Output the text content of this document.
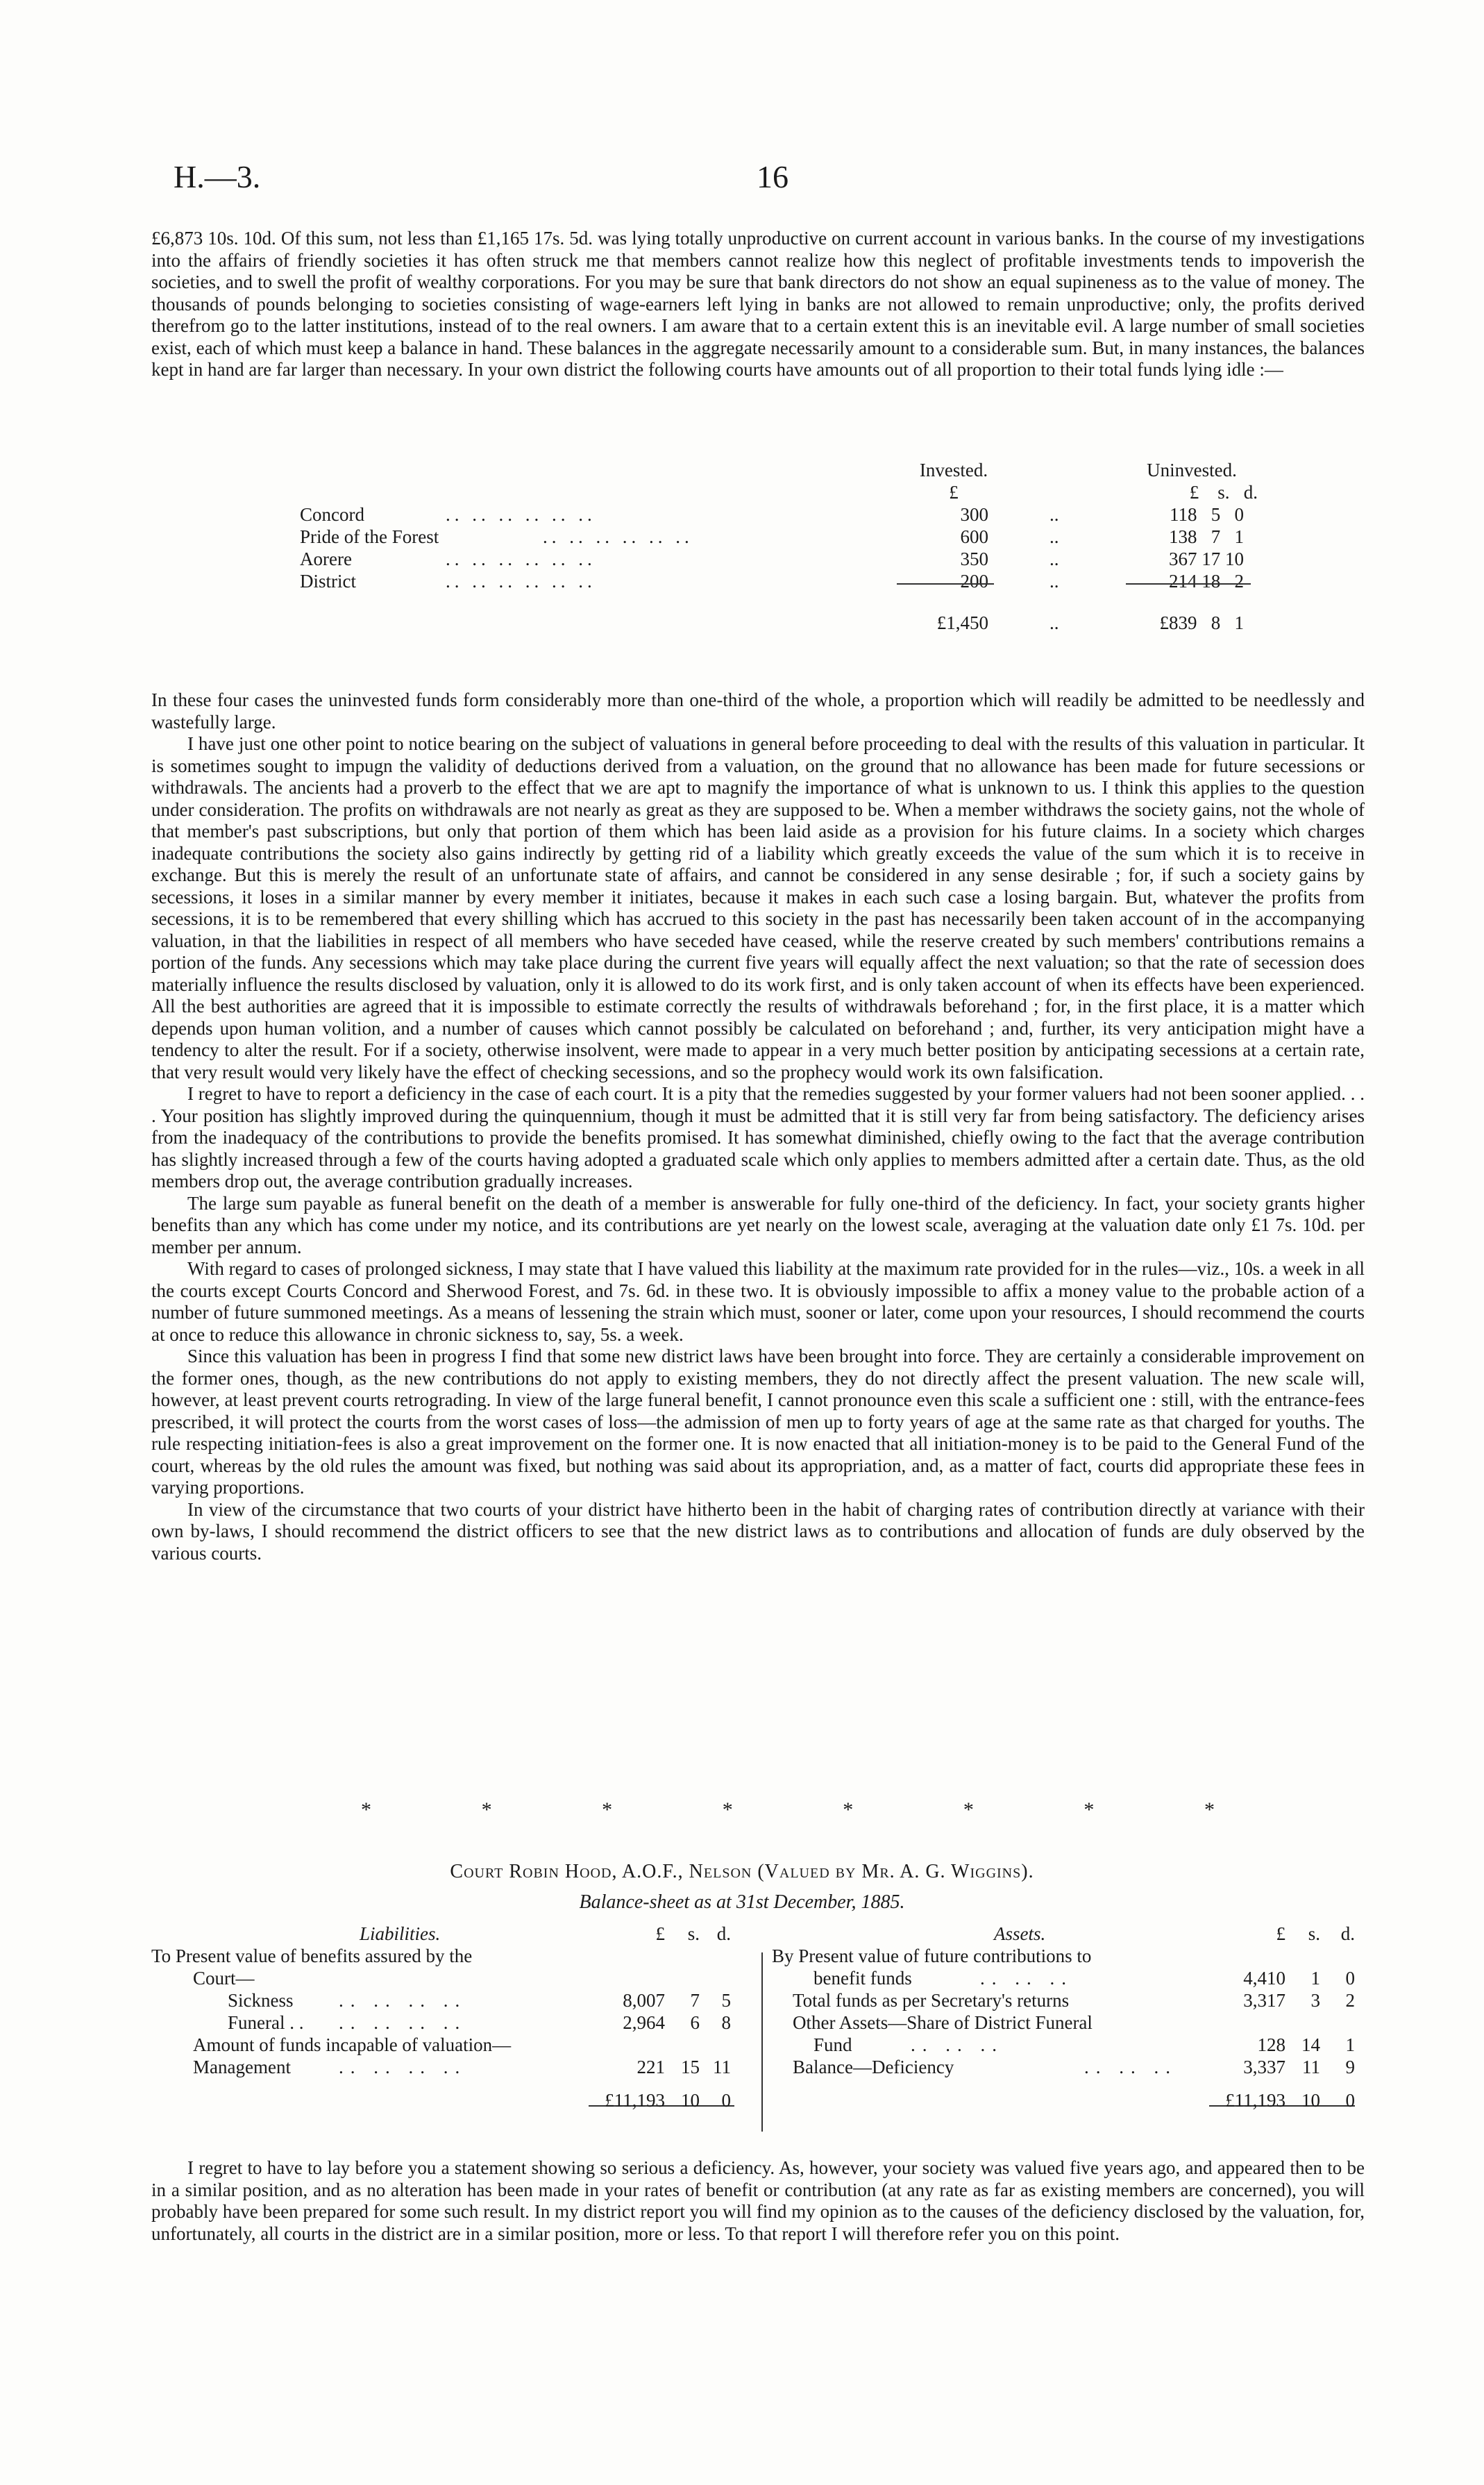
H.—3.	16

£6,873 10s. 10d. Of this sum, not less than £1,165 17s. 5d. was lying totally unproductive on current account in various banks. In the course of my investigations into the affairs of friendly societies it has often struck me that members cannot realize how this neglect of profitable investments tends to impoverish the societies, and to swell the profit of wealthy corporations. For you may be sure that bank directors do not show an equal supineness as to the value of money. The thousands of pounds belonging to societies consisting of wage-earners left lying in banks are not allowed to remain unproductive; only, the profits derived therefrom go to the latter institutions, instead of to the real owners. I am aware that to a certain extent this is an inevitable evil. A large number of small societies exist, each of which must keep a balance in hand. These balances in the aggregate necessarily amount to a considerable sum. But, in many instances, the balances kept in hand are far larger than necessary. In your own district the following courts have amounts out of all proportion to their total funds lying idle :—

Invested.	Uninvested.
£	£    s.   d.
Concord	.. .. .. .. .. ..	300	..	118   5   0
Pride of the Forest	.. .. .. .. .. ..	600	..	138   7   1
Aorere	.. .. .. .. .. ..	350	..	367 17 10
District	.. .. .. .. .. ..	200	..	214 18   2
£1,450	..	£839   8   1

In these four cases the uninvested funds form considerably more than one-third of the whole, a proportion which will readily be admitted to be needlessly and wastefully large.

I have just one other point to notice bearing on the subject of valuations in general before proceeding to deal with the results of this valuation in particular. It is sometimes sought to impugn the validity of deductions derived from a valuation, on the ground that no allowance has been made for future secessions or withdrawals. The ancients had a proverb to the effect that we are apt to magnify the importance of what is unknown to us. I think this applies to the question under consideration. The profits on withdrawals are not nearly as great as they are supposed to be. When a member withdraws the society gains, not the whole of that member's past subscriptions, but only that portion of them which has been laid aside as a provision for his future claims. In a society which charges inadequate contributions the society also gains indirectly by getting rid of a liability which greatly exceeds the value of the sum which it is to receive in exchange. But this is merely the result of an unfortunate state of affairs, and cannot be considered in any sense desirable ; for, if such a society gains by secessions, it loses in a similar manner by every member it initiates, because it makes in each such case a losing bargain. But, whatever the profits from secessions, it is to be remembered that every shilling which has accrued to this society in the past has necessarily been taken account of in the accompanying valuation, in that the liabilities in respect of all members who have seceded have ceased, while the reserve created by such members' contributions remains a portion of the funds. Any secessions which may take place during the current five years will equally affect the next valuation; so that the rate of secession does materially influence the results disclosed by valuation, only it is allowed to do its work first, and is only taken account of when its effects have been experienced. All the best authorities are agreed that it is impossible to estimate correctly the results of withdrawals beforehand ; for, in the first place, it is a matter which depends upon human volition, and a number of causes which cannot possibly be calculated on beforehand ; and, further, its very anticipation might have a tendency to alter the result. For if a society, otherwise insolvent, were made to appear in a very much better position by anticipating secessions at a certain rate, that very result would very likely have the effect of checking secessions, and so the prophecy would work its own falsification.

I regret to have to report a deficiency in the case of each court. It is a pity that the remedies suggested by your former valuers had not been sooner applied. . . . Your position has slightly improved during the quinquennium, though it must be admitted that it is still very far from being satisfactory. The deficiency arises from the inadequacy of the contributions to provide the benefits promised. It has somewhat diminished, chiefly owing to the fact that the average contribution has slightly increased through a few of the courts having adopted a graduated scale which only applies to members admitted after a certain date. Thus, as the old members drop out, the average contribution gradually increases.

The large sum payable as funeral benefit on the death of a member is answerable for fully one-third of the deficiency. In fact, your society grants higher benefits than any which has come under my notice, and its contributions are yet nearly on the lowest scale, averaging at the valuation date only £1 7s. 10d. per member per annum.

With regard to cases of prolonged sickness, I may state that I have valued this liability at the maximum rate provided for in the rules—viz., 10s. a week in all the courts except Courts Concord and Sherwood Forest, and 7s. 6d. in these two. It is obviously impossible to affix a money value to the probable action of a number of future summoned meetings. As a means of lessening the strain which must, sooner or later, come upon your resources, I should recommend the courts at once to reduce this allowance in chronic sickness to, say, 5s. a week.

Since this valuation has been in progress I find that some new district laws have been brought into force. They are certainly a considerable improvement on the former ones, though, as the new contributions do not apply to existing members, they do not directly affect the present valuation. The new scale will, however, at least prevent courts retrograding. In view of the large funeral benefit, I cannot pronounce even this scale a sufficient one : still, with the entrance-fees prescribed, it will protect the courts from the worst cases of loss—the admission of men up to forty years of age at the same rate as that charged for youths. The rule respecting initiation-fees is also a great improvement on the former one. It is now enacted that all initiation-money is to be paid to the General Fund of the court, whereas by the old rules the amount was fixed, but nothing was said about its appropriation, and, as a matter of fact, courts did appropriate these fees in varying proportions.

In view of the circumstance that two courts of your district have hitherto been in the habit of charging rates of contribution directly at variance with their own by-laws, I should recommend the district officers to see that the new district laws as to contributions and allocation of funds are duly observed by the various courts.

*	*	*	*	*	*	*	*
Court Robin Hood, A.O.F., Nelson (Valued by Mr. A. G. Wiggins).
Balance-sheet as at 31st December, 1885.
Liabilities.	£	s. d.
To Present value of benefits assured by the
Court—
Sickness .. .. .. ..	8,007	7	5
Funeral . . .. .. .. ..	2,964	6	8
Amount of funds incapable of valuation—
Management	.. .. .. ..	221 15 11
£11,193 10	0
Assets.	£	s.	d.
By Present value of future contributions to
benefit funds	.. .. ..	4,410	1	0
Total funds as per Secretary's returns	3,317	3	2
Other Assets—Share of District Funeral
Fund	.. .. ..	128 14	1
Balance—Deficiency	.. .. ..	3,337 11	9
£11,193 10	0

I regret to have to lay before you a statement showing so serious a deficiency. As, however, your society was valued five years ago, and appeared then to be in a similar position, and as no alteration has been made in your rates of benefit or contribution (at any rate as far as existing members are concerned), you will probably have been prepared for some such result. In my district report you will find my opinion as to the causes of the deficiency disclosed by the valuation, for, unfortunately, all courts in the district are in a similar position, more or less. To that report I will therefore refer you on this point.
